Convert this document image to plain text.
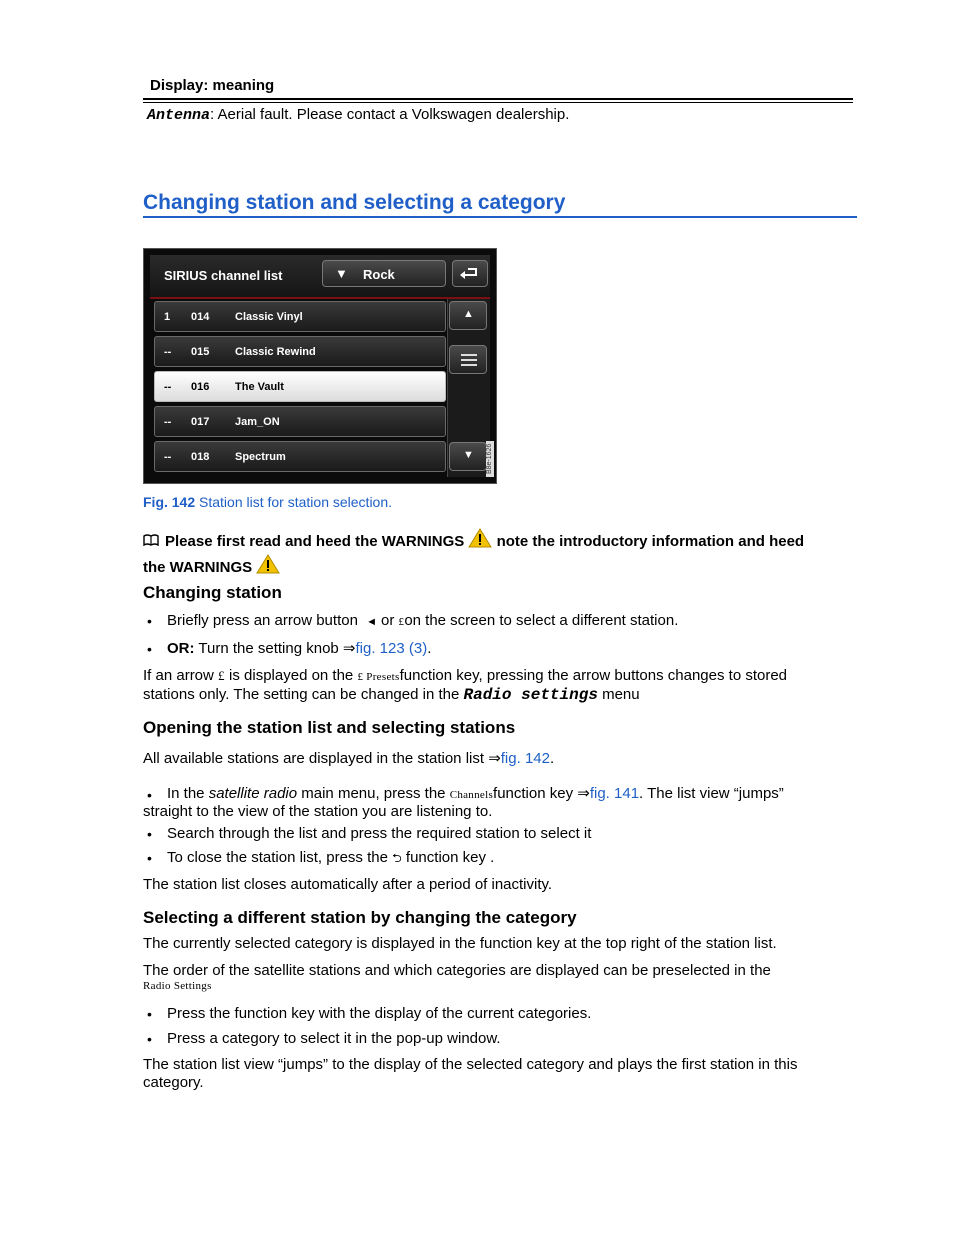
Display: meaning
Antenna: Aerial fault. Please contact a Volkswagen dealership.
Changing station and selecting a category
SIRIUS channel list	▼ Rock
1 014 Classic Vinyl
-- 015 Classic Rewind
-- 016 The Vault
-- 017 Jam_ON
-- 018 Spectrum
▲
▼ B8e-1626
Fig. 142 Station list for station selection.
Please first read and heed the WARNINGS note the introductory information and heed
the WARNINGS
Changing station
• Briefly press an arrow button ◄ or £on the screen to select a different station.
• OR: Turn the setting knob ⇒fig. 123 (3).
If an arrow £ is displayed on the £ Presetsfunction key, pressing the arrow buttons changes to stored
stations only. The setting can be changed in the Radio settings menu
Opening the station list and selecting stations
All available stations are displayed in the station list ⇒fig. 142.
• In the satellite radio main menu, press the Channelsfunction key ⇒fig. 141. The list view “jumps”
straight to the view of the station you are listening to.
• Search through the list and press the required station to select it
• To close the station list, press the ⮌ function key .
The station list closes automatically after a period of inactivity.
Selecting a different station by changing the category
The currently selected category is displayed in the function key at the top right of the station list.
The order of the satellite stations and which categories are displayed can be preselected in the
Radio Settings
• Press the function key with the display of the current categories.
• Press a category to select it in the pop-up window.
The station list view “jumps” to the display of the selected category and plays the first station in this
category.
